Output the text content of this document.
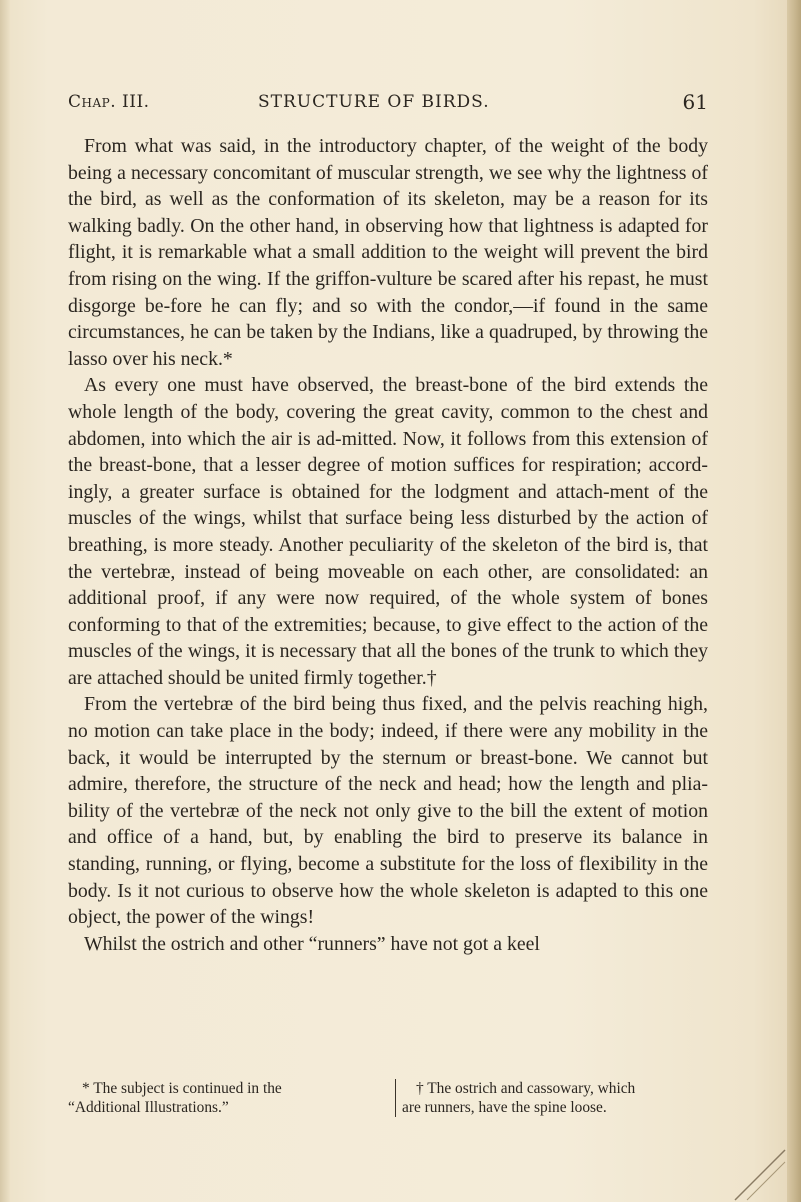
Chap. III.	STRUCTURE OF BIRDS.	61

From what was said, in the introductory chapter, of the weight of the body being a necessary concomitant of muscular strength, we see why the lightness of the bird, as well as the conformation of its skeleton, may be a reason for its walking badly. On the other hand, in observing how that lightness is adapted for flight, it is remarkable what a small addition to the weight will prevent the bird from rising on the wing. If the griffon-vulture be scared after his repast, he must disgorge be-fore he can fly; and so with the condor,—if found in the same circumstances, he can be taken by the Indians, like a quadruped, by throwing the lasso over his neck.*

As every one must have observed, the breast-bone of the bird extends the whole length of the body, covering the great cavity, common to the chest and abdomen, into which the air is ad-mitted. Now, it follows from this extension of the breast-bone, that a lesser degree of motion suffices for respiration; accord-ingly, a greater surface is obtained for the lodgment and attach-ment of the muscles of the wings, whilst that surface being less disturbed by the action of breathing, is more steady. Another peculiarity of the skeleton of the bird is, that the vertebræ, instead of being moveable on each other, are consolidated: an additional proof, if any were now required, of the whole system of bones conforming to that of the extremities; because, to give effect to the action of the muscles of the wings, it is necessary that all the bones of the trunk to which they are attached should be united firmly together.†

From the vertebræ of the bird being thus fixed, and the pelvis reaching high, no motion can take place in the body; indeed, if there were any mobility in the back, it would be interrupted by the sternum or breast-bone. We cannot but admire, therefore, the structure of the neck and head; how the length and plia-bility of the vertebræ of the neck not only give to the bill the extent of motion and office of a hand, but, by enabling the bird to preserve its balance in standing, running, or flying, become a substitute for the loss of flexibility in the body. Is it not curious to observe how the whole skeleton is adapted to this one object, the power of the wings!

Whilst the ostrich and other “runners” have not got a keel

* The subject is continued in the
“Additional Illustrations.”
† The ostrich and cassowary, which
are runners, have the spine loose.
